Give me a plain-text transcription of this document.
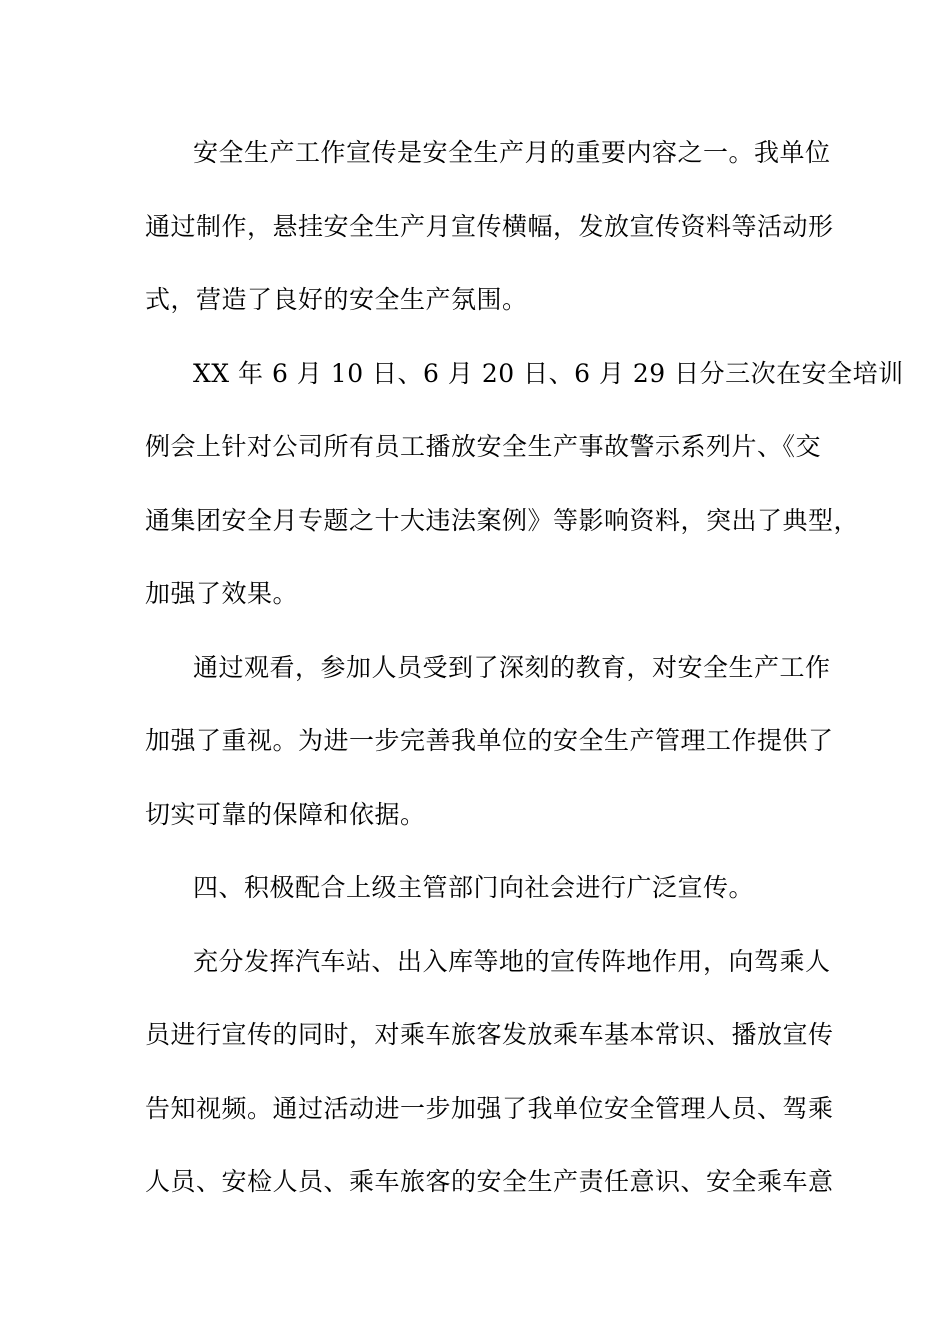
安全生产工作宣传是安全生产月的重要内容之一。我单位
通过制作，悬挂安全生产月宣传横幅，发放宣传资料等活动形
式，营造了良好的安全生产氛围。
XX 年 6 月 10 日、6 月 20 日、6 月 29 日分三次在安全培训
例会上针对公司所有员工播放安全生产事故警示系列片、《交
通集团安全月专题之十大违法案例》等影响资料，突出了典型，
加强了效果。
通过观看，参加人员受到了深刻的教育，对安全生产工作
加强了重视。为进一步完善我单位的安全生产管理工作提供了
切实可靠的保障和依据。
四、积极配合上级主管部门向社会进行广泛宣传。
充分发挥汽车站、出入库等地的宣传阵地作用，向驾乘人
员进行宣传的同时，对乘车旅客发放乘车基本常识、播放宣传
告知视频。通过活动进一步加强了我单位安全管理人员、驾乘
人员、安检人员、乘车旅客的安全生产责任意识、安全乘车意
